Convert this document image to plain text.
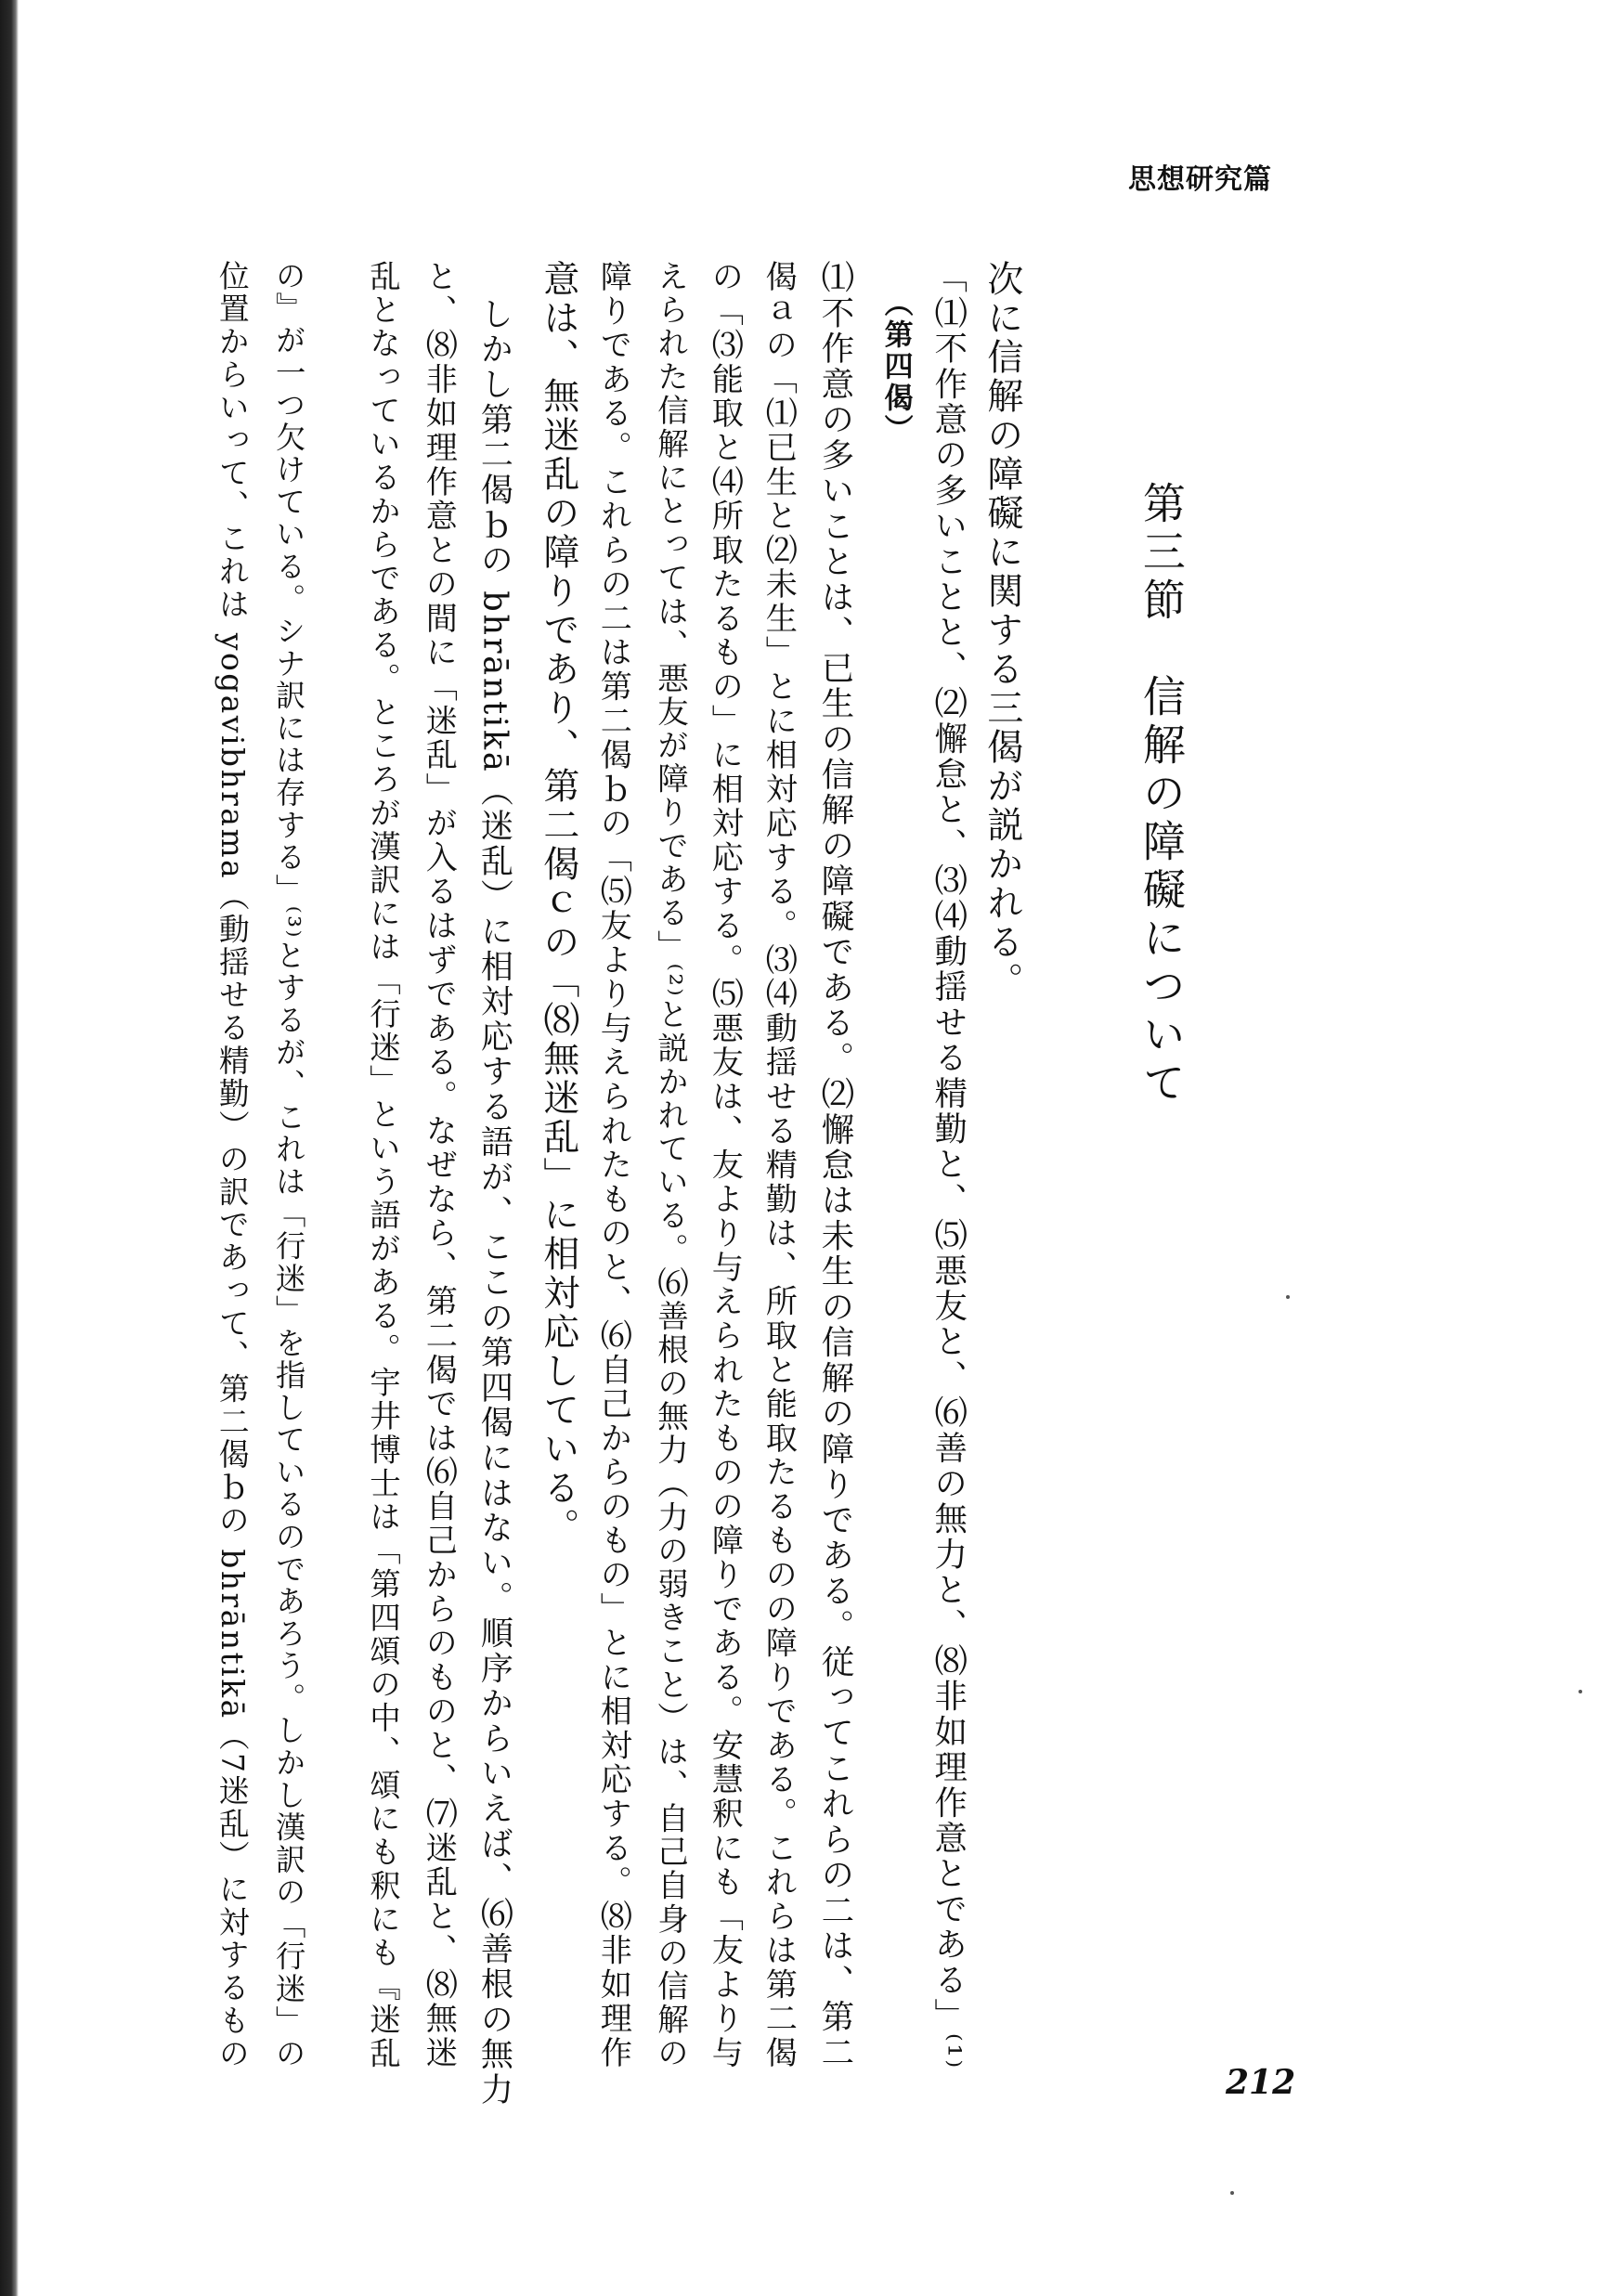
思想研究篇
第三節　信解の障礙について
次に信解の障礙に関する三偈が説かれる。
「⑴不作意の多いことと、⑵懈怠と、⑶⑷動揺せる精勤と、⑸悪友と、⑹善の無力と、⑻非如理作意とである」⁽¹⁾
（第四偈）
⑴不作意の多いことは、已生の信解の障礙である。⑵懈怠は未生の信解の障りである。従ってこれらの二は、第二
偈ａの「⑴已生と⑵未生」とに相対応する。⑶⑷動揺せる精勤は、所取と能取たるものの障りである。これらは第二偈
の「⑶能取と⑷所取たるもの」に相対応する。⑸悪友は、友より与えられたものの障りである。安慧釈にも「友より与
えられた信解にとっては、悪友が障りである」⁽²⁾と説かれている。⑹善根の無力（力の弱きこと）は、自己自身の信解の
障りである。これらの二は第二偈ｂの「⑸友より与えられたものと、⑹自己からのもの」とに相対応する。⑻非如理作
意は、無迷乱の障りであり、第二偈ｃの「⑻無迷乱」に相対応している。
しかし第二偈ｂの bhrāntikā（迷乱）に相対応する語が、ここの第四偈にはない。順序からいえば、⑹善根の無力
と、⑻非如理作意との間に「迷乱」が入るはずである。なぜなら、第二偈では⑹自己からのものと、⑺迷乱と、⑻無迷
乱となっているからである。ところが漢訳には「行迷」という語がある。宇井博士は「第四頌の中、頌にも釈にも『迷乱
の』が一つ欠けている。シナ訳には存する」⁽³⁾とするが、これは「行迷」を指しているのであろう。しかし漢訳の「行迷」の
位置からいって、これは yogavibhrama（動揺せる精勤）の訳であって、第二偈ｂの bhrāntikā（7迷乱）に対するもの
212
